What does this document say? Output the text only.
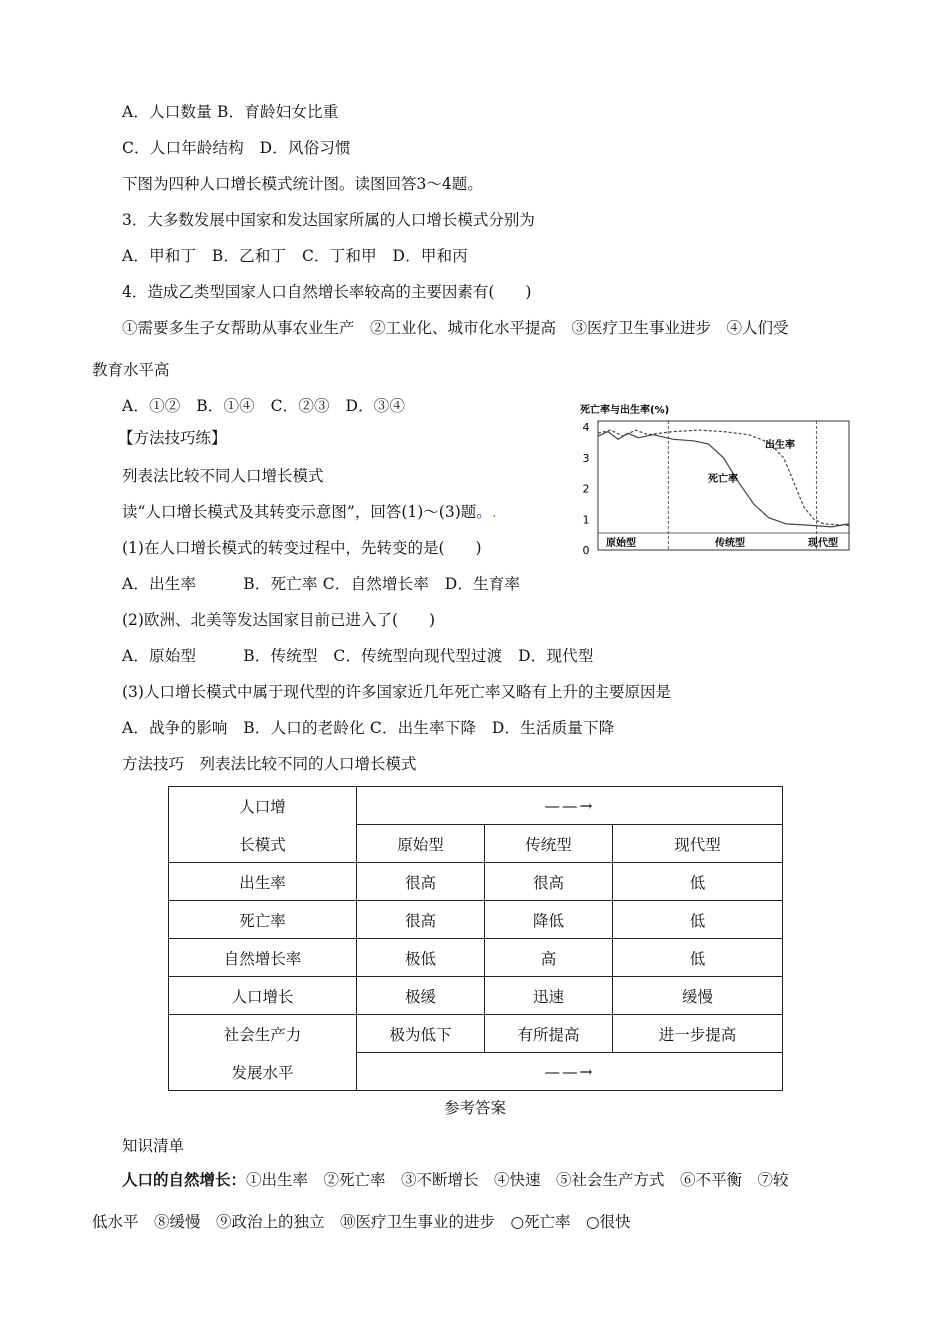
A．人口数量 B．育龄妇女比重
C．人口年龄结构　D．风俗习惯
下图为四种人口增长模式统计图。读图回答3～4题。
3．大多数发展中国家和发达国家所属的人口增长模式分别为
A．甲和丁　B．乙和丁　C．丁和甲　D．甲和丙
4．造成乙类型国家人口自然增长率较高的主要因素有(　　)
①需要多生子女帮助从事农业生产　②工业化、城市化水平提高　③医疗卫生事业进步　④人们受
教育水平高
A．①②　B．①④　C．②③　D．③④
【方法技巧练】
列表法比较不同人口增长模式
读“人口增长模式及其转变示意图”，回答(1)～(3)题。.
(1)在人口增长模式的转变过程中，先转变的是(　　)
A．出生率　　　B．死亡率 C．自然增长率　D．生育率
(2)欧洲、北美等发达国家目前已进入了(　　)
A．原始型　　　B．传统型　C．传统型向现代型过渡　D．现代型
(3)人口增长模式中属于现代型的许多国家近几年死亡率又略有上升的主要原因是
A．战争的影响　B．人口的老龄化 C．出生率下降　D．生活质量下降
方法技巧　列表法比较不同的人口增长模式
死亡率与出生率(%)
0
1
2
3
4
出生率
死亡率
原始型	传统型	现代型
人口增
长模式	——→		
	原始型	传统型	现代型
出生率	很高	很高	低
死亡率	很高	降低	低
自然增长率	极低	高	低
人口增长	极缓	迅速	缓慢

社会生产力
发展水平	极为低下	有所提高	进一步提高
	——→		
参考答案
知识清单
人口的自然增长：①出生率　②死亡率　③不断增长　④快速　⑤社会生产方式　⑥不平衡　⑦较
低水平　⑧缓慢　⑨政治上的独立　⑩医疗卫生事业的进步　○死亡率　○很快
